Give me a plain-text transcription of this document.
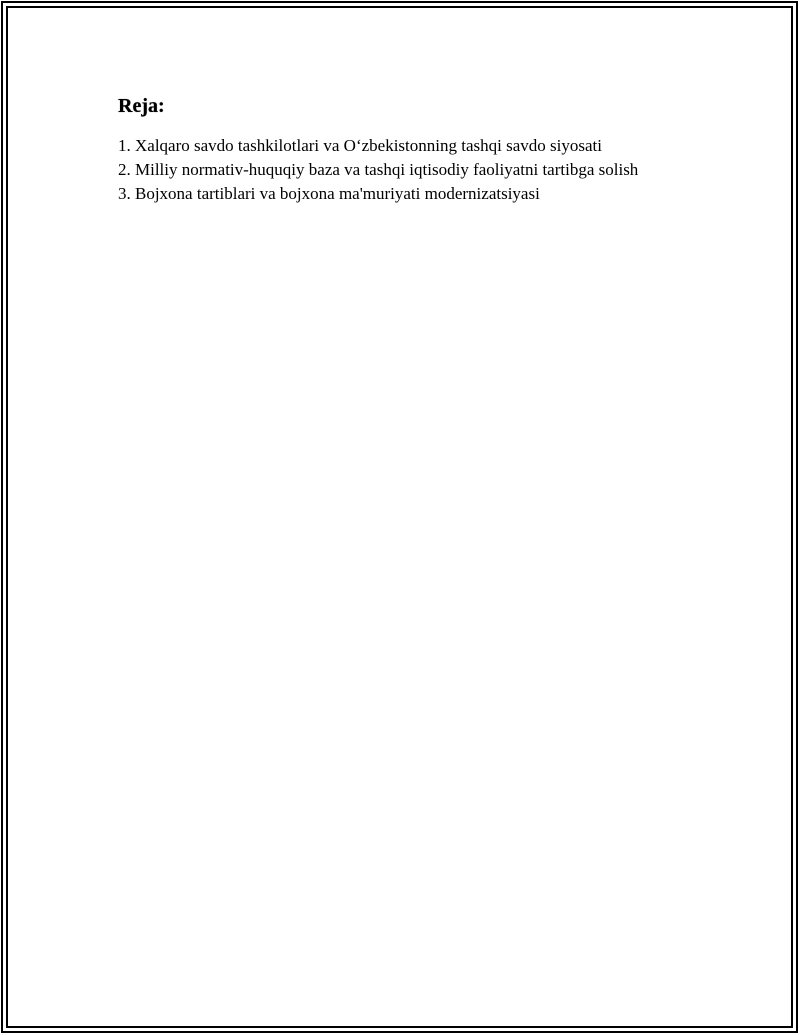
Reja:
1. Xalqaro savdo tashkilotlari va O‘zbekistonning tashqi savdo siyosati
2. Milliy normativ-huquqiy baza va tashqi iqtisodiy faoliyatni tartibga solish
3. Bojxona tartiblari va bojxona ma'muriyati modernizatsiyasi
